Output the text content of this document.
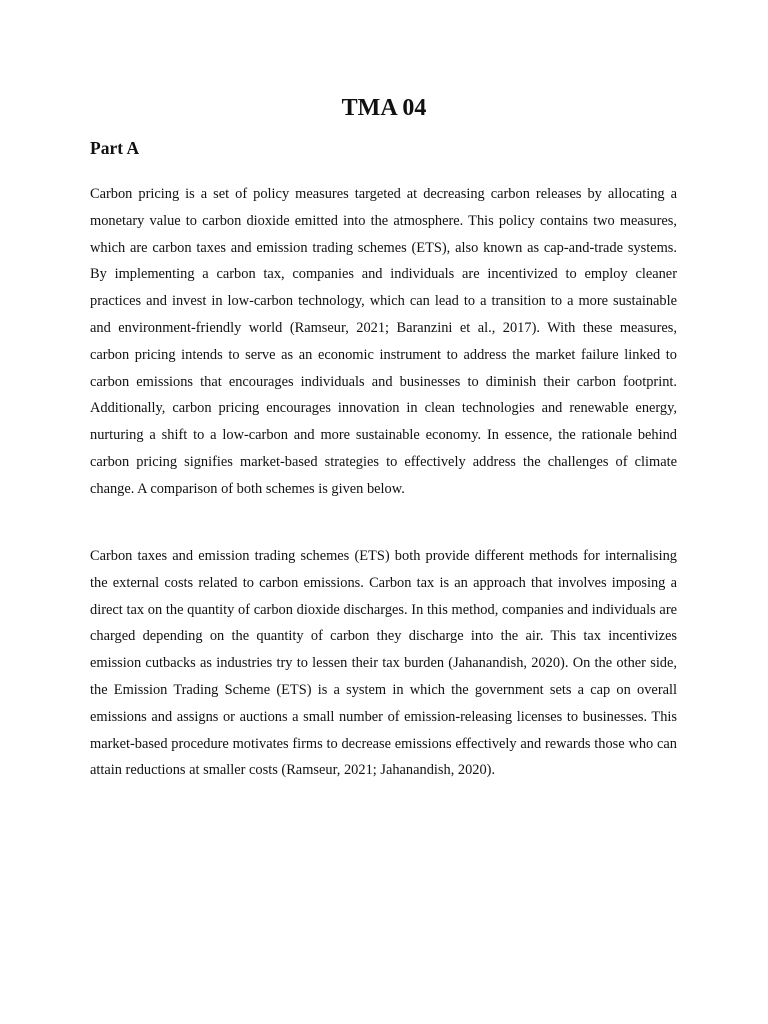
TMA 04
Part A

Carbon pricing is a set of policy measures targeted at decreasing carbon releases by allocating a monetary value to carbon dioxide emitted into the atmosphere. This policy contains two measures, which are carbon taxes and emission trading schemes (ETS), also known as cap-and-trade systems. By implementing a carbon tax, companies and individuals are incentivized to employ cleaner practices and invest in low-carbon technology, which can lead to a transition to a more sustainable and environment-friendly world (Ramseur, 2021; Baranzini et al., 2017). With these measures, carbon pricing intends to serve as an economic instrument to address the market failure linked to carbon emissions that encourages individuals and businesses to diminish their carbon footprint. Additionally, carbon pricing encourages innovation in clean technologies and renewable energy, nurturing a shift to a low-carbon and more sustainable economy. In essence, the rationale behind carbon pricing signifies market-based strategies to effectively address the challenges of climate change. A comparison of both schemes is given below.

Carbon taxes and emission trading schemes (ETS) both provide different methods for internalising the external costs related to carbon emissions. Carbon tax is an approach that involves imposing a direct tax on the quantity of carbon dioxide discharges. In this method, companies and individuals are charged depending on the quantity of carbon they discharge into the air. This tax incentivizes emission cutbacks as industries try to lessen their tax burden (Jahanandish, 2020). On the other side, the Emission Trading Scheme (ETS) is a system in which the government sets a cap on overall emissions and assigns or auctions a small number of emission-releasing licenses to businesses. This market-based procedure motivates firms to decrease emissions effectively and rewards those who can attain reductions at smaller costs (Ramseur, 2021; Jahanandish, 2020).
